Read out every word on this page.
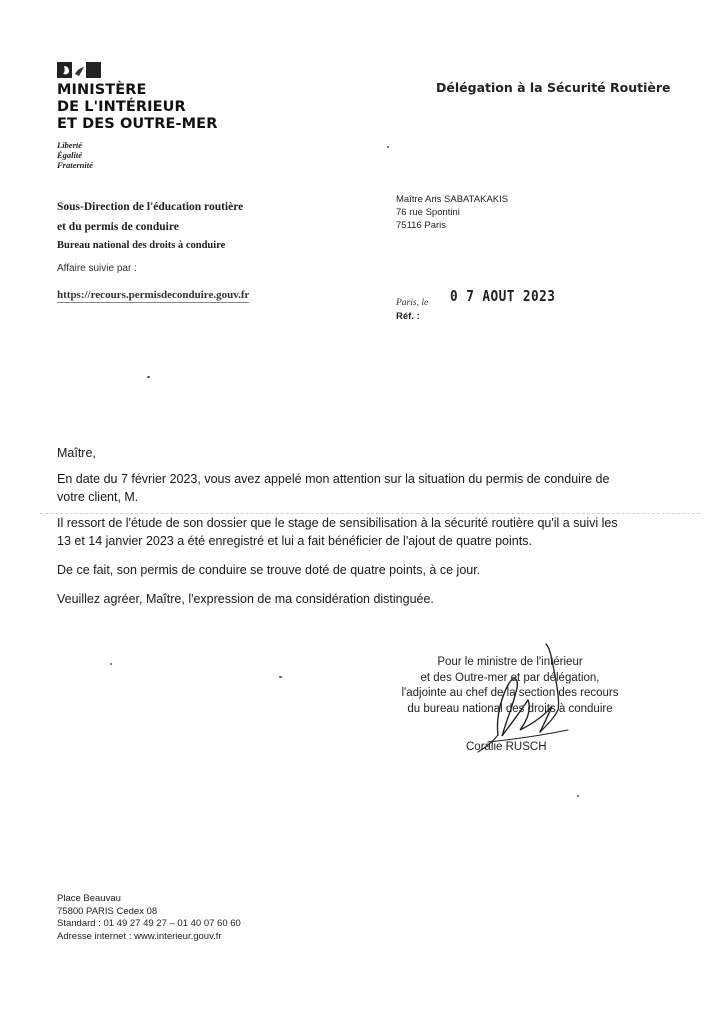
MINISTÈRE
DE L'INTÉRIEUR
ET DES OUTRE-MER
Liberté
Égalité
Fraternité
Délégation à la Sécurité Routière
Sous-Direction de l'éducation routière
et du permis de conduire
Bureau national des droits à conduire
Affaire suivie par :
https://recours.permisdeconduire.gouv.fr
Maître Aris SABATAKAKIS
76 rue Spontini
75116 Paris
Paris, le 0 7 AOUT 2023
Réf. :
Maître,
En date du 7 février 2023, vous avez appelé mon attention sur la situation du permis de conduire de
votre client, M.
Il ressort de l'étude de son dossier que le stage de sensibilisation à la sécurité routière qu'il a suivi les
13 et 14 janvier 2023 a été enregistré et lui a fait bénéficier de l'ajout de quatre points.
De ce fait, son permis de conduire se trouve doté de quatre points, à ce jour.
Veuillez agréer, Maître, l'expression de ma considération distinguée.
Pour le ministre de l'intérieur
et des Outre-mer et par délégation,
l'adjointe au chef de la section des recours
du bureau national des droits à conduire
Coralie RUSCH
Place Beauvau
75800 PARIS Cedex 08
Standard : 01 49 27 49 27 – 01 40 07 60 60
Adresse internet : www.interieur.gouv.fr
